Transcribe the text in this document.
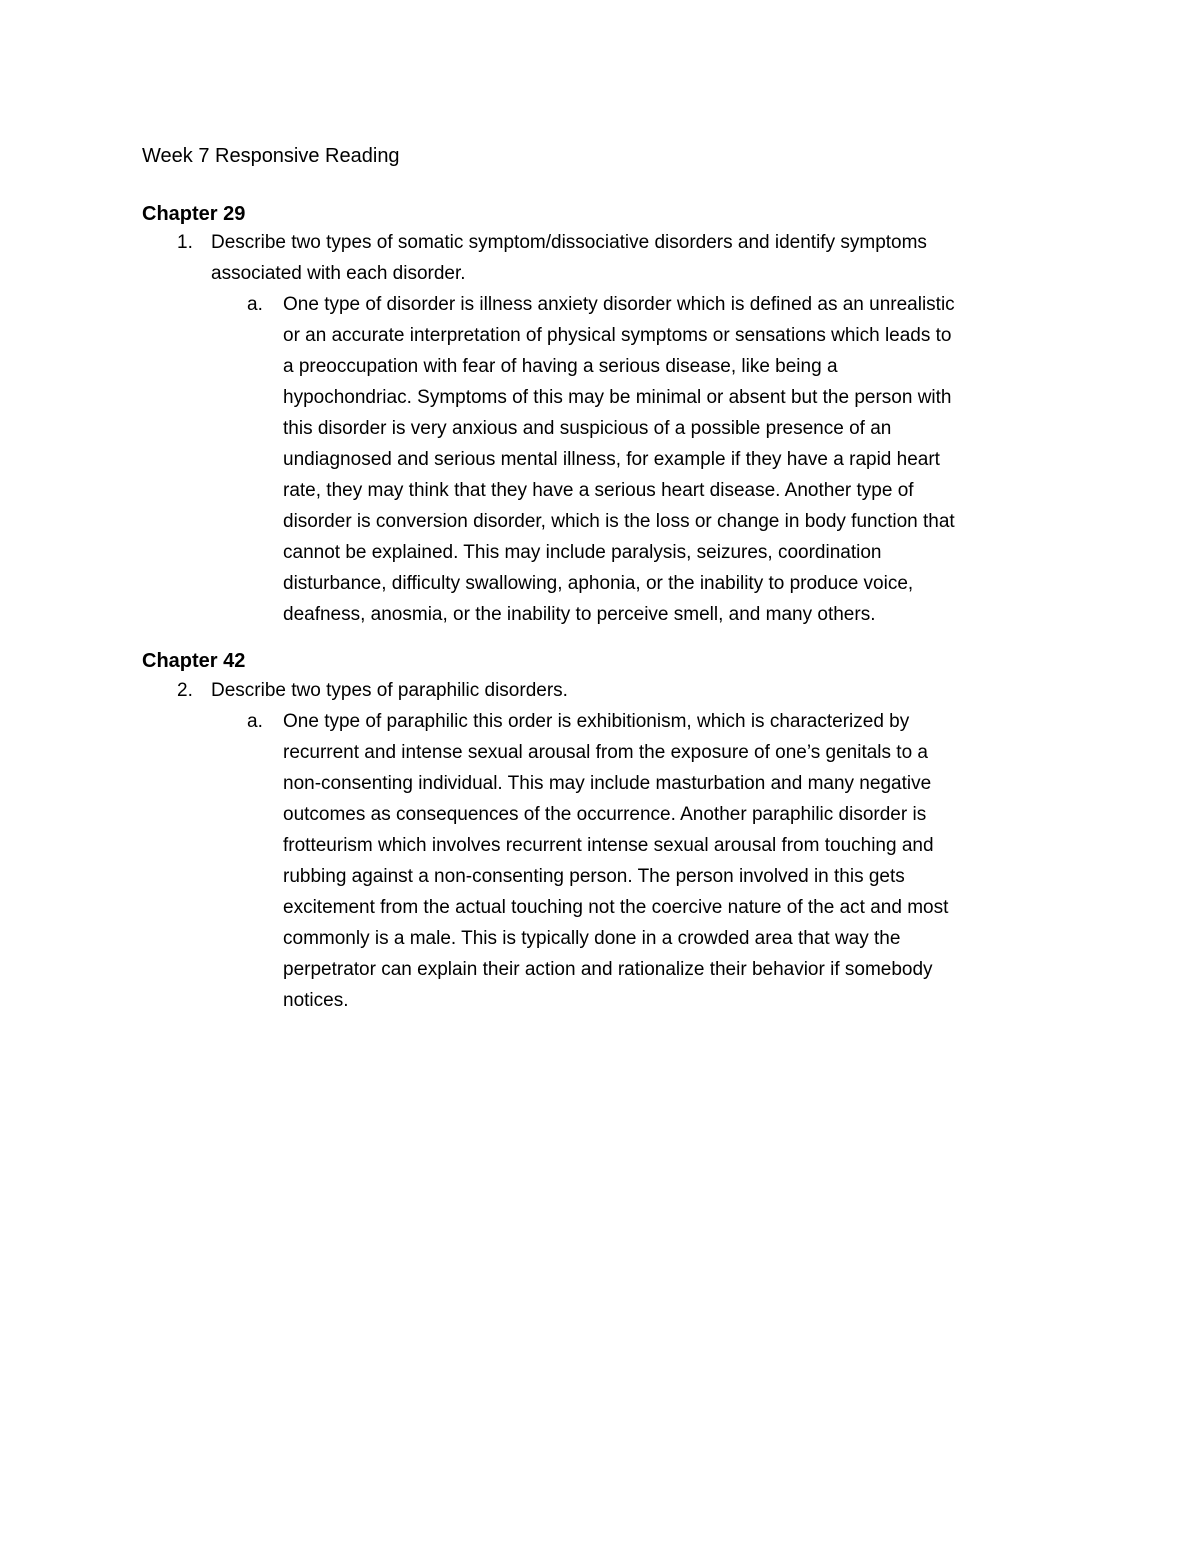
Week 7 Responsive Reading
Chapter 29
1. Describe two types of somatic symptom/dissociative disorders and identify symptoms
associated with each disorder.
a. One type of disorder is illness anxiety disorder which is defined as an unrealistic
or an accurate interpretation of physical symptoms or sensations which leads to
a preoccupation with fear of having a serious disease, like being a
hypochondriac. Symptoms of this may be minimal or absent but the person with
this disorder is very anxious and suspicious of a possible presence of an
undiagnosed and serious mental illness, for example if they have a rapid heart
rate, they may think that they have a serious heart disease. Another type of
disorder is conversion disorder, which is the loss or change in body function that
cannot be explained. This may include paralysis, seizures, coordination
disturbance, difficulty swallowing, aphonia, or the inability to produce voice,
deafness, anosmia, or the inability to perceive smell, and many others.
Chapter 42
2. Describe two types of paraphilic disorders.
a. One type of paraphilic this order is exhibitionism, which is characterized by
recurrent and intense sexual arousal from the exposure of one’s genitals to a
non-consenting individual. This may include masturbation and many negative
outcomes as consequences of the occurrence. Another paraphilic disorder is
frotteurism which involves recurrent intense sexual arousal from touching and
rubbing against a non-consenting person. The person involved in this gets
excitement from the actual touching not the coercive nature of the act and most
commonly is a male. This is typically done in a crowded area that way the
perpetrator can explain their action and rationalize their behavior if somebody
notices.
